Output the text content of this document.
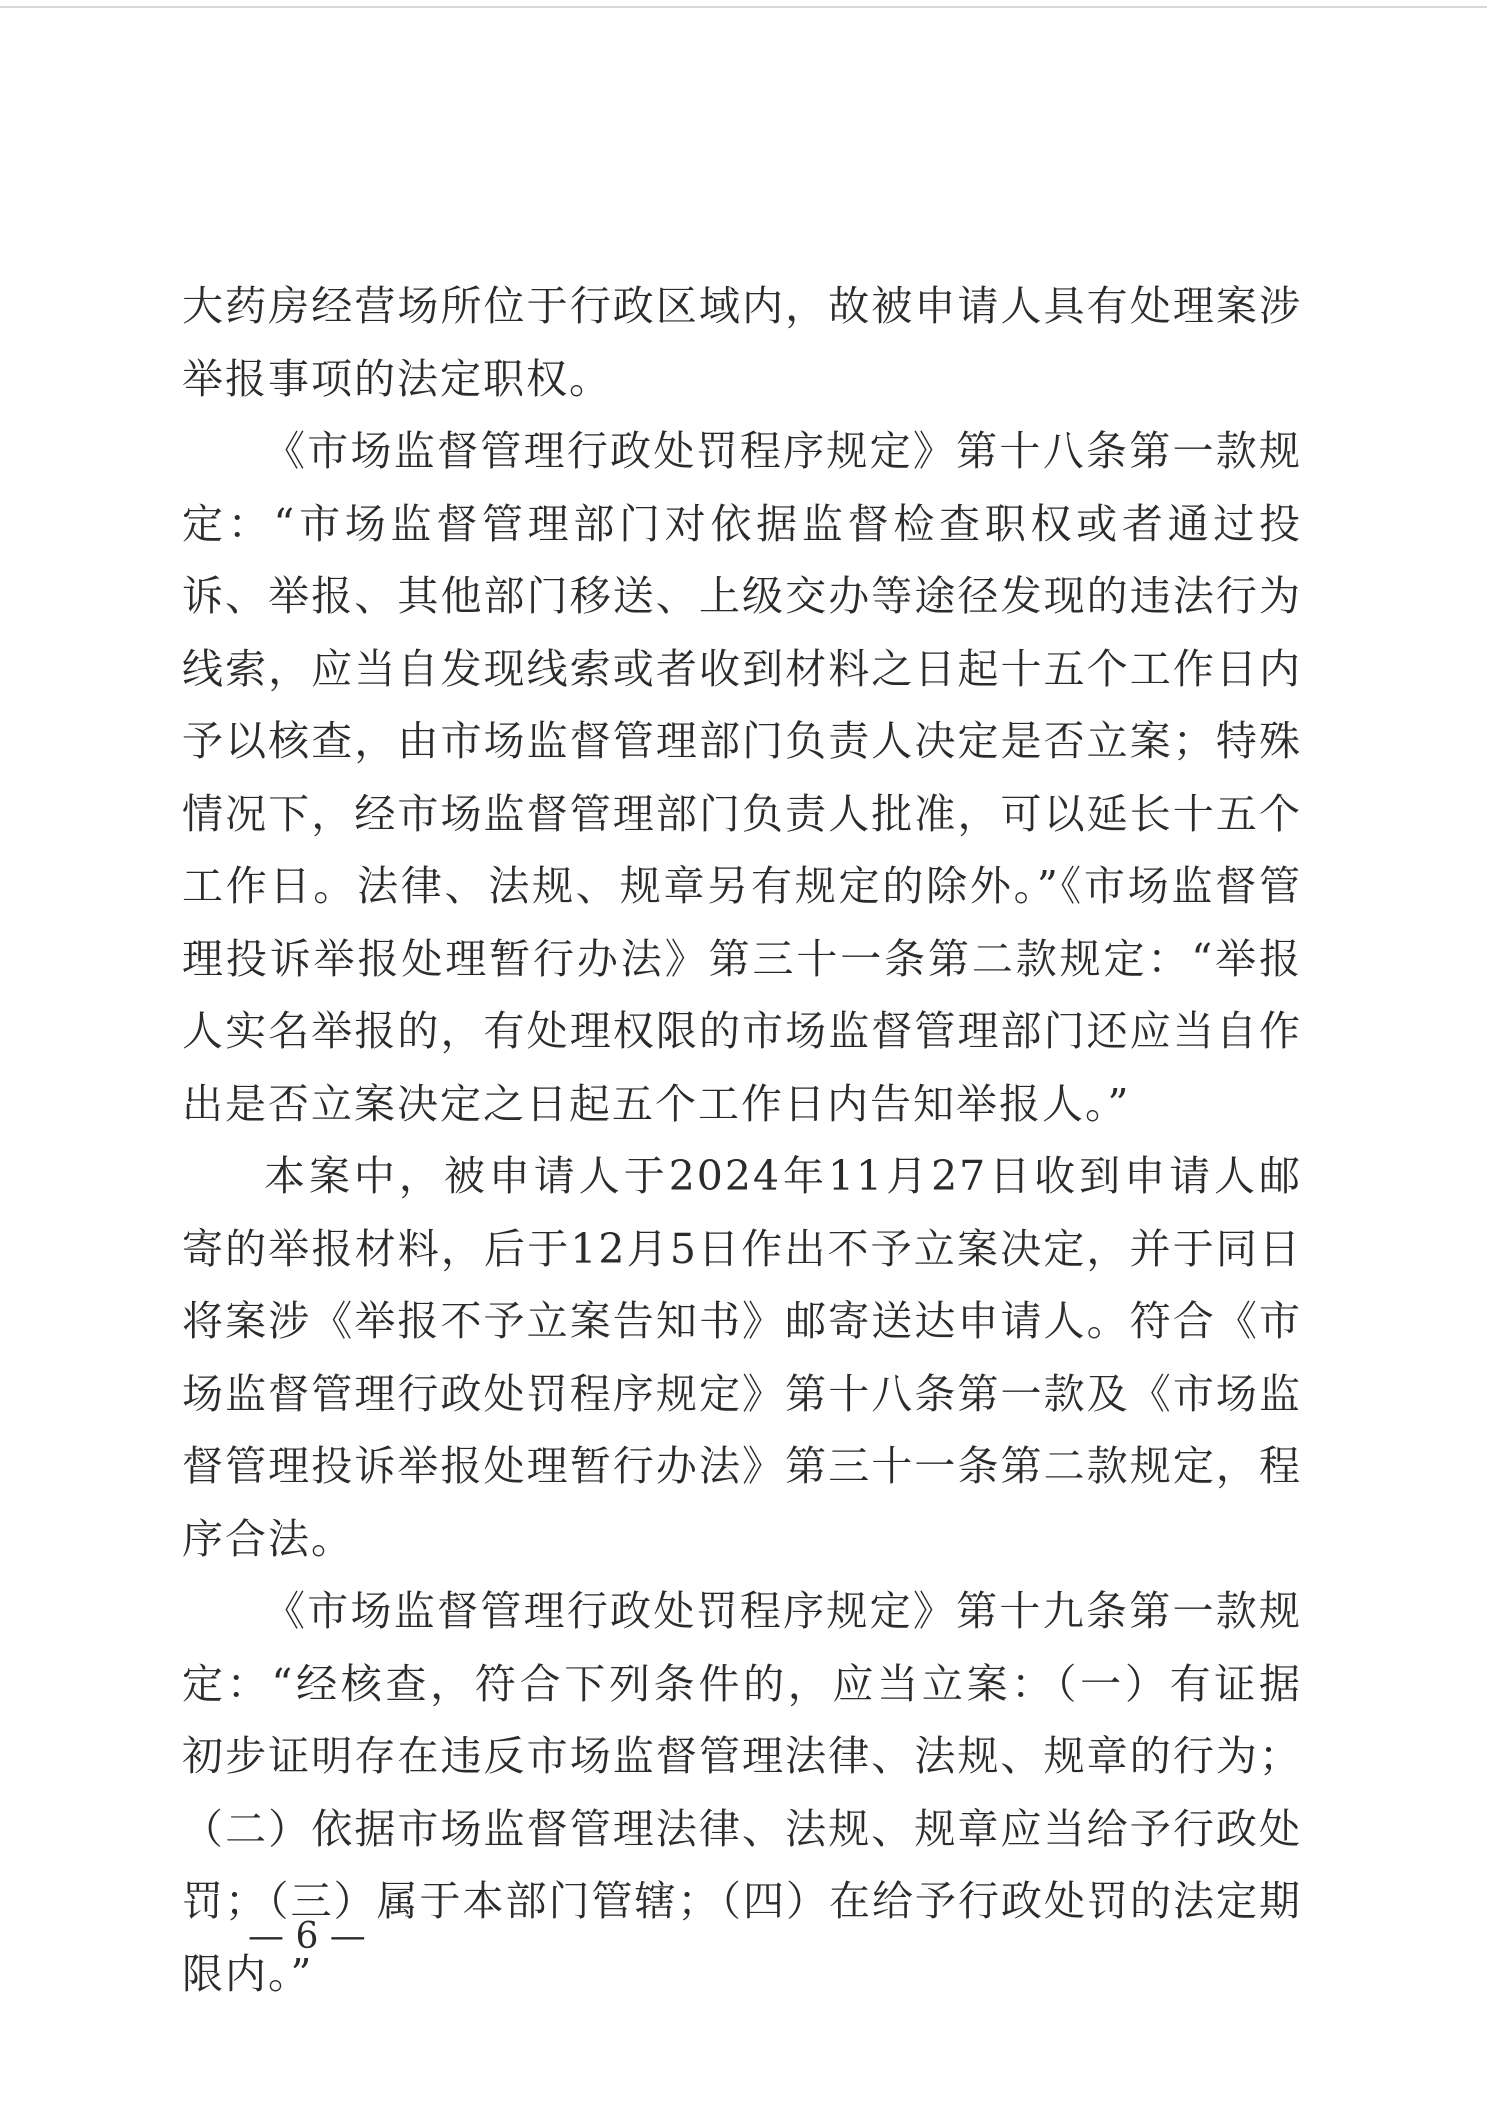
大药房经营场所位于行政区域内，故被申请人具有处理案涉举报事项的法定职权。

《市场监督管理行政处罚程序规定》第十八条第一款规定：“市场监督管理部门对依据监督检查职权或者通过投诉、举报、其他部门移送、上级交办等途径发现的违法行为线索，应当自发现线索或者收到材料之日起十五个工作日内予以核查，由市场监督管理部门负责人决定是否立案；特殊情况下，经市场监督管理部门负责人批准，可以延长十五个工作日。法律、法规、规章另有规定的除外。”《市场监督管理投诉举报处理暂行办法》第三十一条第二款规定：“举报人实名举报的，有处理权限的市场监督管理部门还应当自作出是否立案决定之日起五个工作日内告知举报人。”

本案中，被申请人于2024年11月27日收到申请人邮寄的举报材料，后于12月5日作出不予立案决定，并于同日将案涉《举报不予立案告知书》邮寄送达申请人。符合《市场监督管理行政处罚程序规定》第十八条第一款及《市场监督管理投诉举报处理暂行办法》第三十一条第二款规定，程序合法。

《市场监督管理行政处罚程序规定》第十九条第一款规定：“经核查，符合下列条件的，应当立案：（一）有证据初步证明存在违反市场监督管理法律、法规、规章的行为；（二）依据市场监督管理法律、法规、规章应当给予行政处罚；（三）属于本部门管辖；（四）在给予行政处罚的法定期限内。”

— 6 —
